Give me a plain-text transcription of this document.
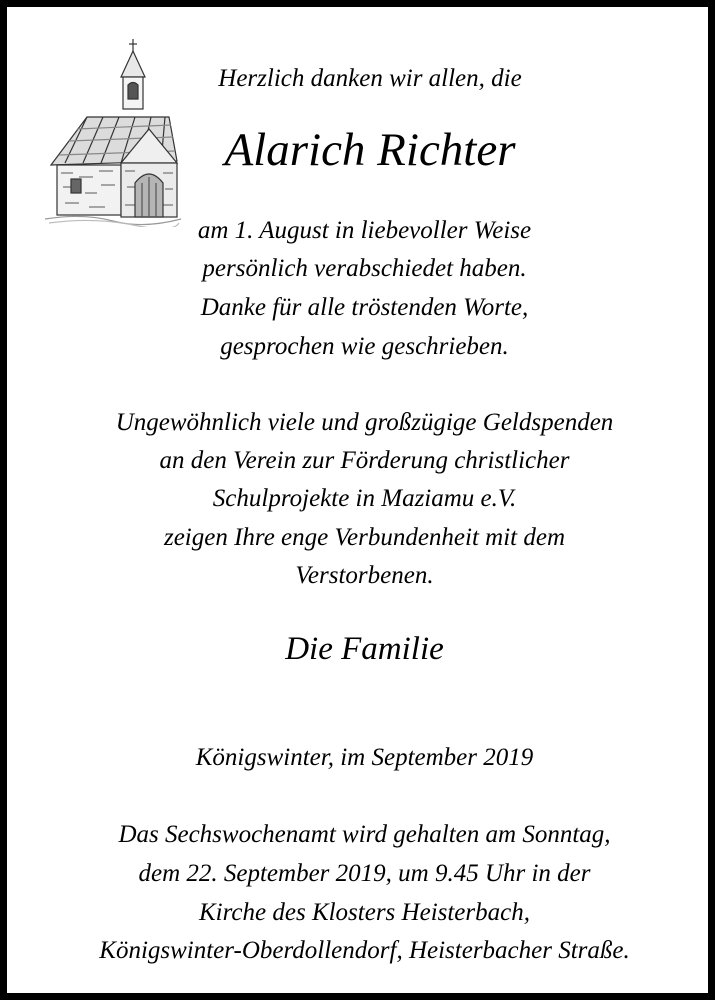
Herzlich danken wir allen, die
Alarich Richter
am 1. August in liebevoller Weise
persönlich verabschiedet haben.
Danke für alle tröstenden Worte,
gesprochen wie geschrieben.
Ungewöhnlich viele und großzügige Geldspenden
an den Verein zur Förderung christlicher
Schulprojekte in Maziamu e.V.
zeigen Ihre enge Verbundenheit mit dem
Verstorbenen.
Die Familie
Königswinter, im September 2019
Das Sechswochenamt wird gehalten am Sonntag,
dem 22. September 2019, um 9.45 Uhr in der
Kirche des Klosters Heisterbach,
Königswinter-Oberdollendorf, Heisterbacher Straße.
